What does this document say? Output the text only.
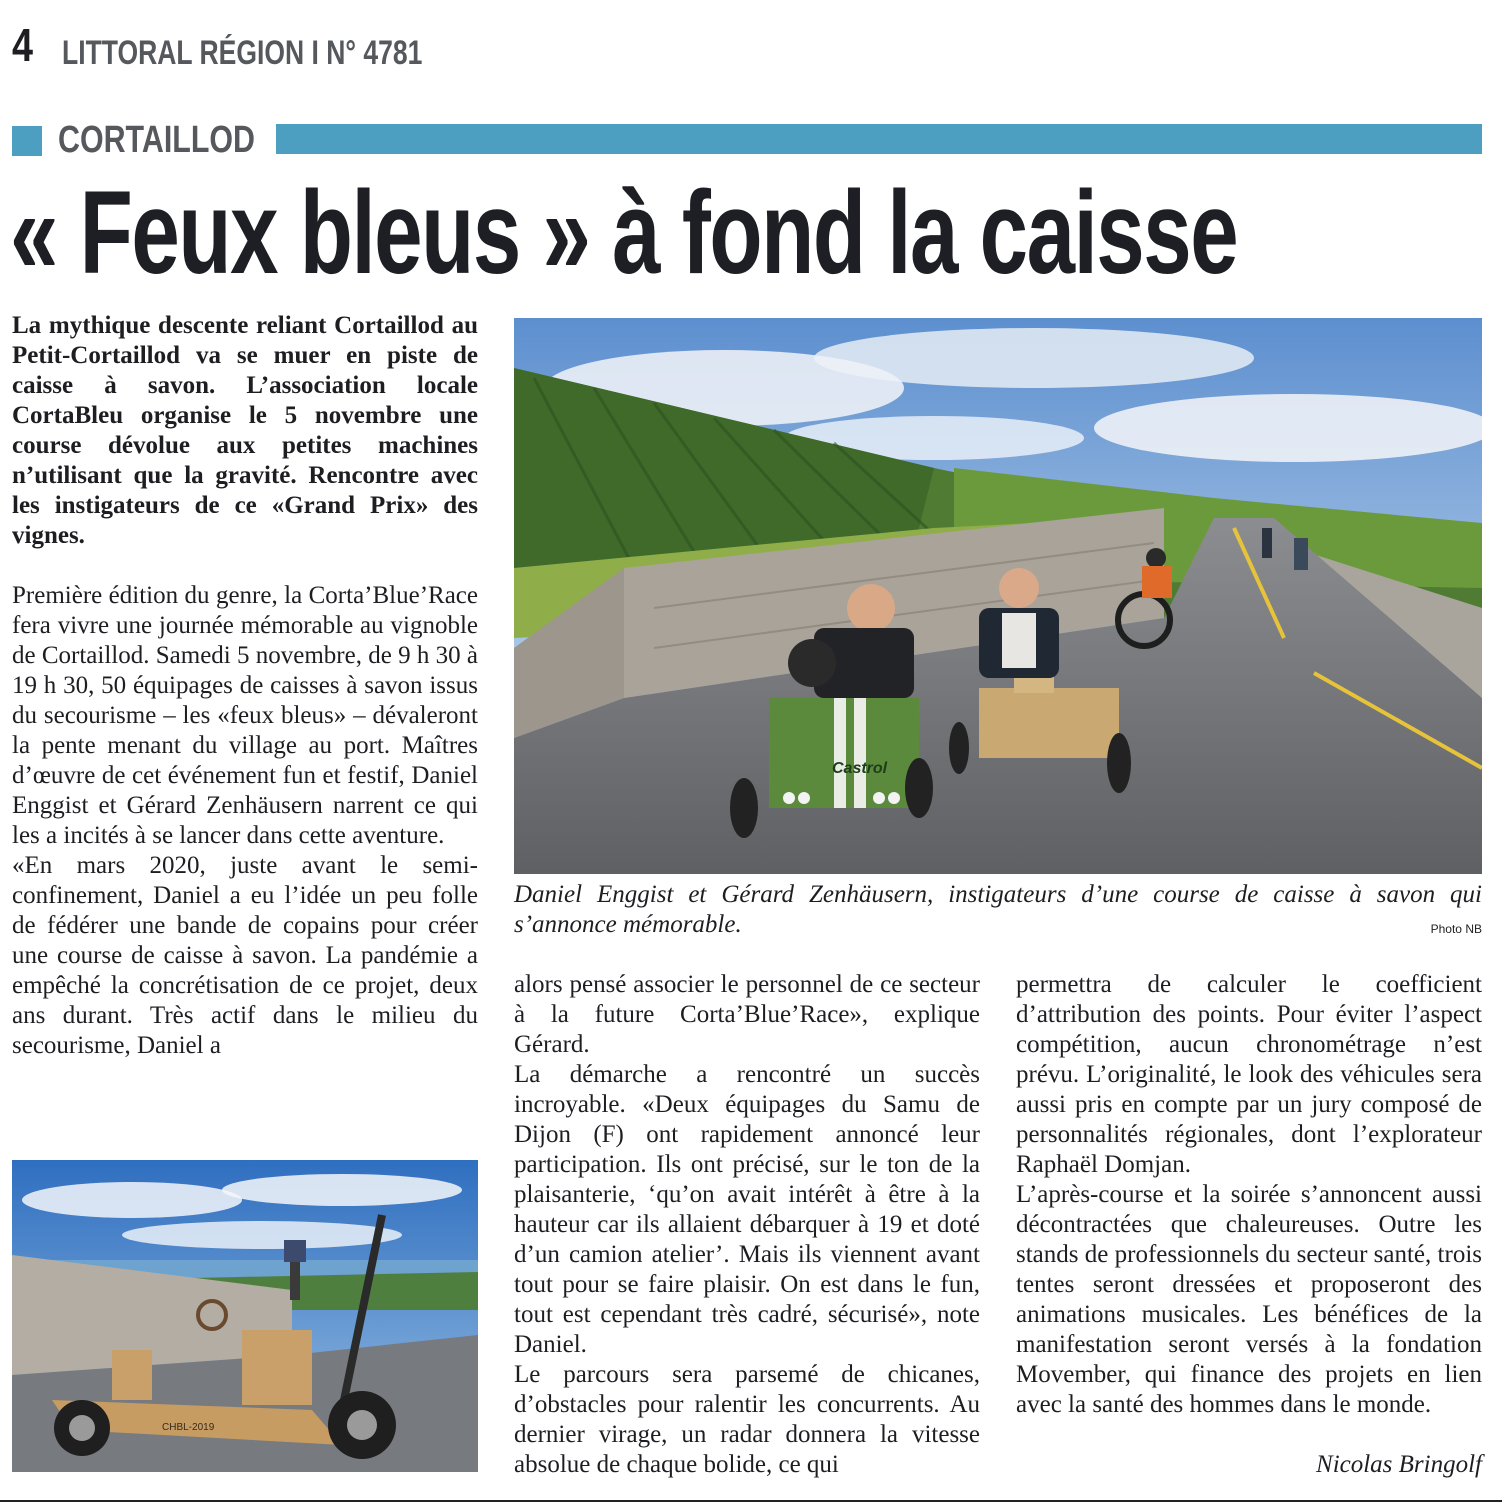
4 LITTORAL RÉGION I N° 4781
CORTAILLOD
« Feux bleus » à fond la caisse

La mythique descente reliant Cortaillod au Petit-Cortaillod va se muer en piste de caisse à savon. L’association locale CortaBleu organise le 5 novembre une course dévolue aux petites machines n’utilisant que la gravité. Rencontre avec les instigateurs de ce «Grand Prix» des vignes.

Première édition du genre, la Corta’Blue’Race fera vivre une journée mémorable au vignoble de Cortaillod. Samedi 5 novembre, de 9 h 30 à 19 h 30, 50 équipages de caisses à savon issus du secourisme – les «feux bleus» – dévaleront la pente menant du village au port. Maîtres d’œuvre de cet événement fun et festif, Daniel Enggist et Gérard Zenhäusern narrent ce qui les a incités à se lancer dans cette aventure.

«En mars 2020, juste avant le semi-confinement, Daniel a eu l’idée un peu folle de fédérer une bande de copains pour créer une course de caisse à savon. La pandémie a empêché la concrétisation de ce projet, deux ans durant. Très actif dans le milieu du secourisme, Daniel a

Castrol
Daniel Enggist et Gérard Zenhäusern, instigateurs d’une course de caisse à savon qui s’annonce mémorable.	Photo NB

alors pensé associer le personnel de ce secteur à la future Corta’Blue’Race», explique Gérard.

La démarche a rencontré un succès incroyable. «Deux équipages du Samu de Dijon (F) ont rapidement annoncé leur participation. Ils ont précisé, sur le ton de la plaisanterie, ‘qu’on avait intérêt à être à la hauteur car ils allaient débarquer à 19 et doté d’un camion atelier’. Mais ils viennent avant tout pour se faire plaisir. On est dans le fun, tout est cependant très cadré, sécurisé», note Daniel.

Le parcours sera parsemé de chicanes, d’obstacles pour ralentir les concurrents. Au dernier virage, un radar donnera la vitesse absolue de chaque bolide, ce qui

permettra de calculer le coefficient d’attribution des points. Pour éviter l’aspect compétition, aucun chronométrage n’est prévu. L’originalité, le look des véhicules sera aussi pris en compte par un jury composé de personnalités régionales, dont l’explorateur Raphaël Domjan.

L’après-course et la soirée s’annoncent aussi décontractées que chaleureuses. Outre les stands de professionnels du secteur santé, trois tentes seront dressées et proposeront des animations musicales. Les bénéfices de la manifestation seront versés à la fondation Movember, qui finance des projets en lien avec la santé des hommes dans le monde.

Nicolas Bringolf
CHBL-2019
